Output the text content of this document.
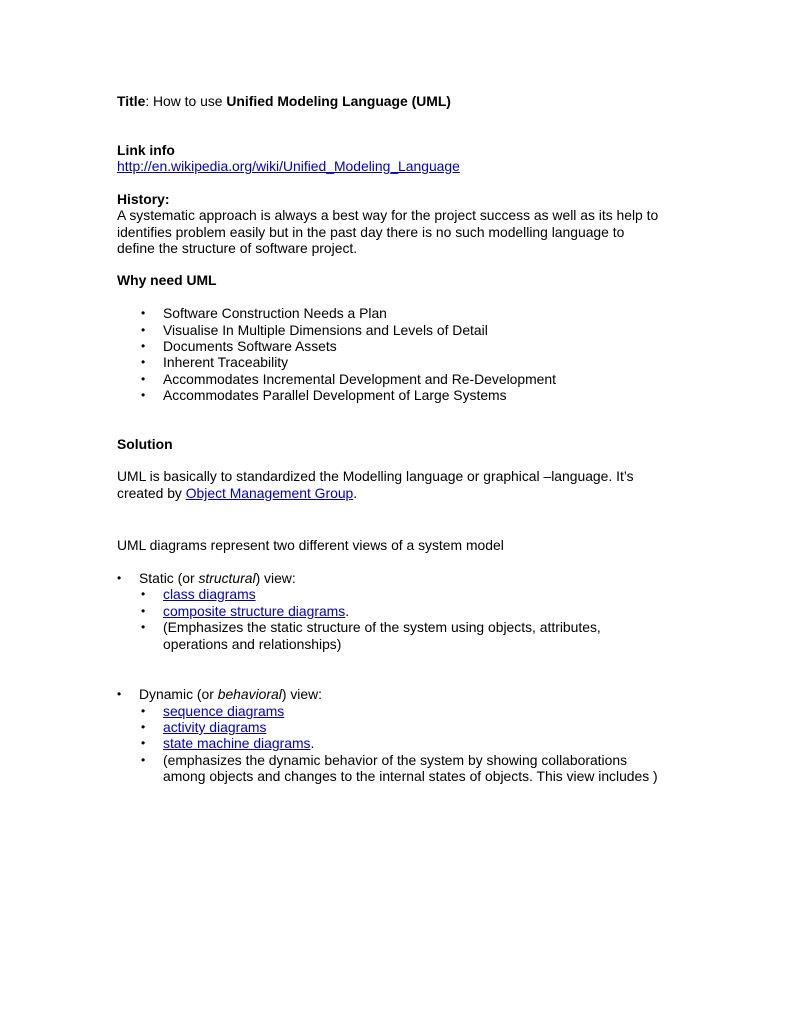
Title: How to use Unified Modeling Language (UML)
Link info
http://en.wikipedia.org/wiki/Unified_Modeling_Language
History:
A systematic approach is always a best way for the project success as well as its help to
identifies problem easily but in the past day there is no such modelling language to
define the structure of software project.
Why need UML
• Software Construction Needs a Plan
• Visualise In Multiple Dimensions and Levels of Detail
• Documents Software Assets
• Inherent Traceability
• Accommodates Incremental Development and Re-Development
• Accommodates Parallel Development of Large Systems
Solution
UML is basically to standardized the Modelling language or graphical –language. It’s
created by Object Management Group.
UML diagrams represent two different views of a system model
• Static (or structural) view:
• class diagrams
• composite structure diagrams.
• (Emphasizes the static structure of the system using objects, attributes,
operations and relationships)
• Dynamic (or behavioral) view:
• sequence diagrams
• activity diagrams
• state machine diagrams.
• (emphasizes the dynamic behavior of the system by showing collaborations
among objects and changes to the internal states of objects. This view includes )
